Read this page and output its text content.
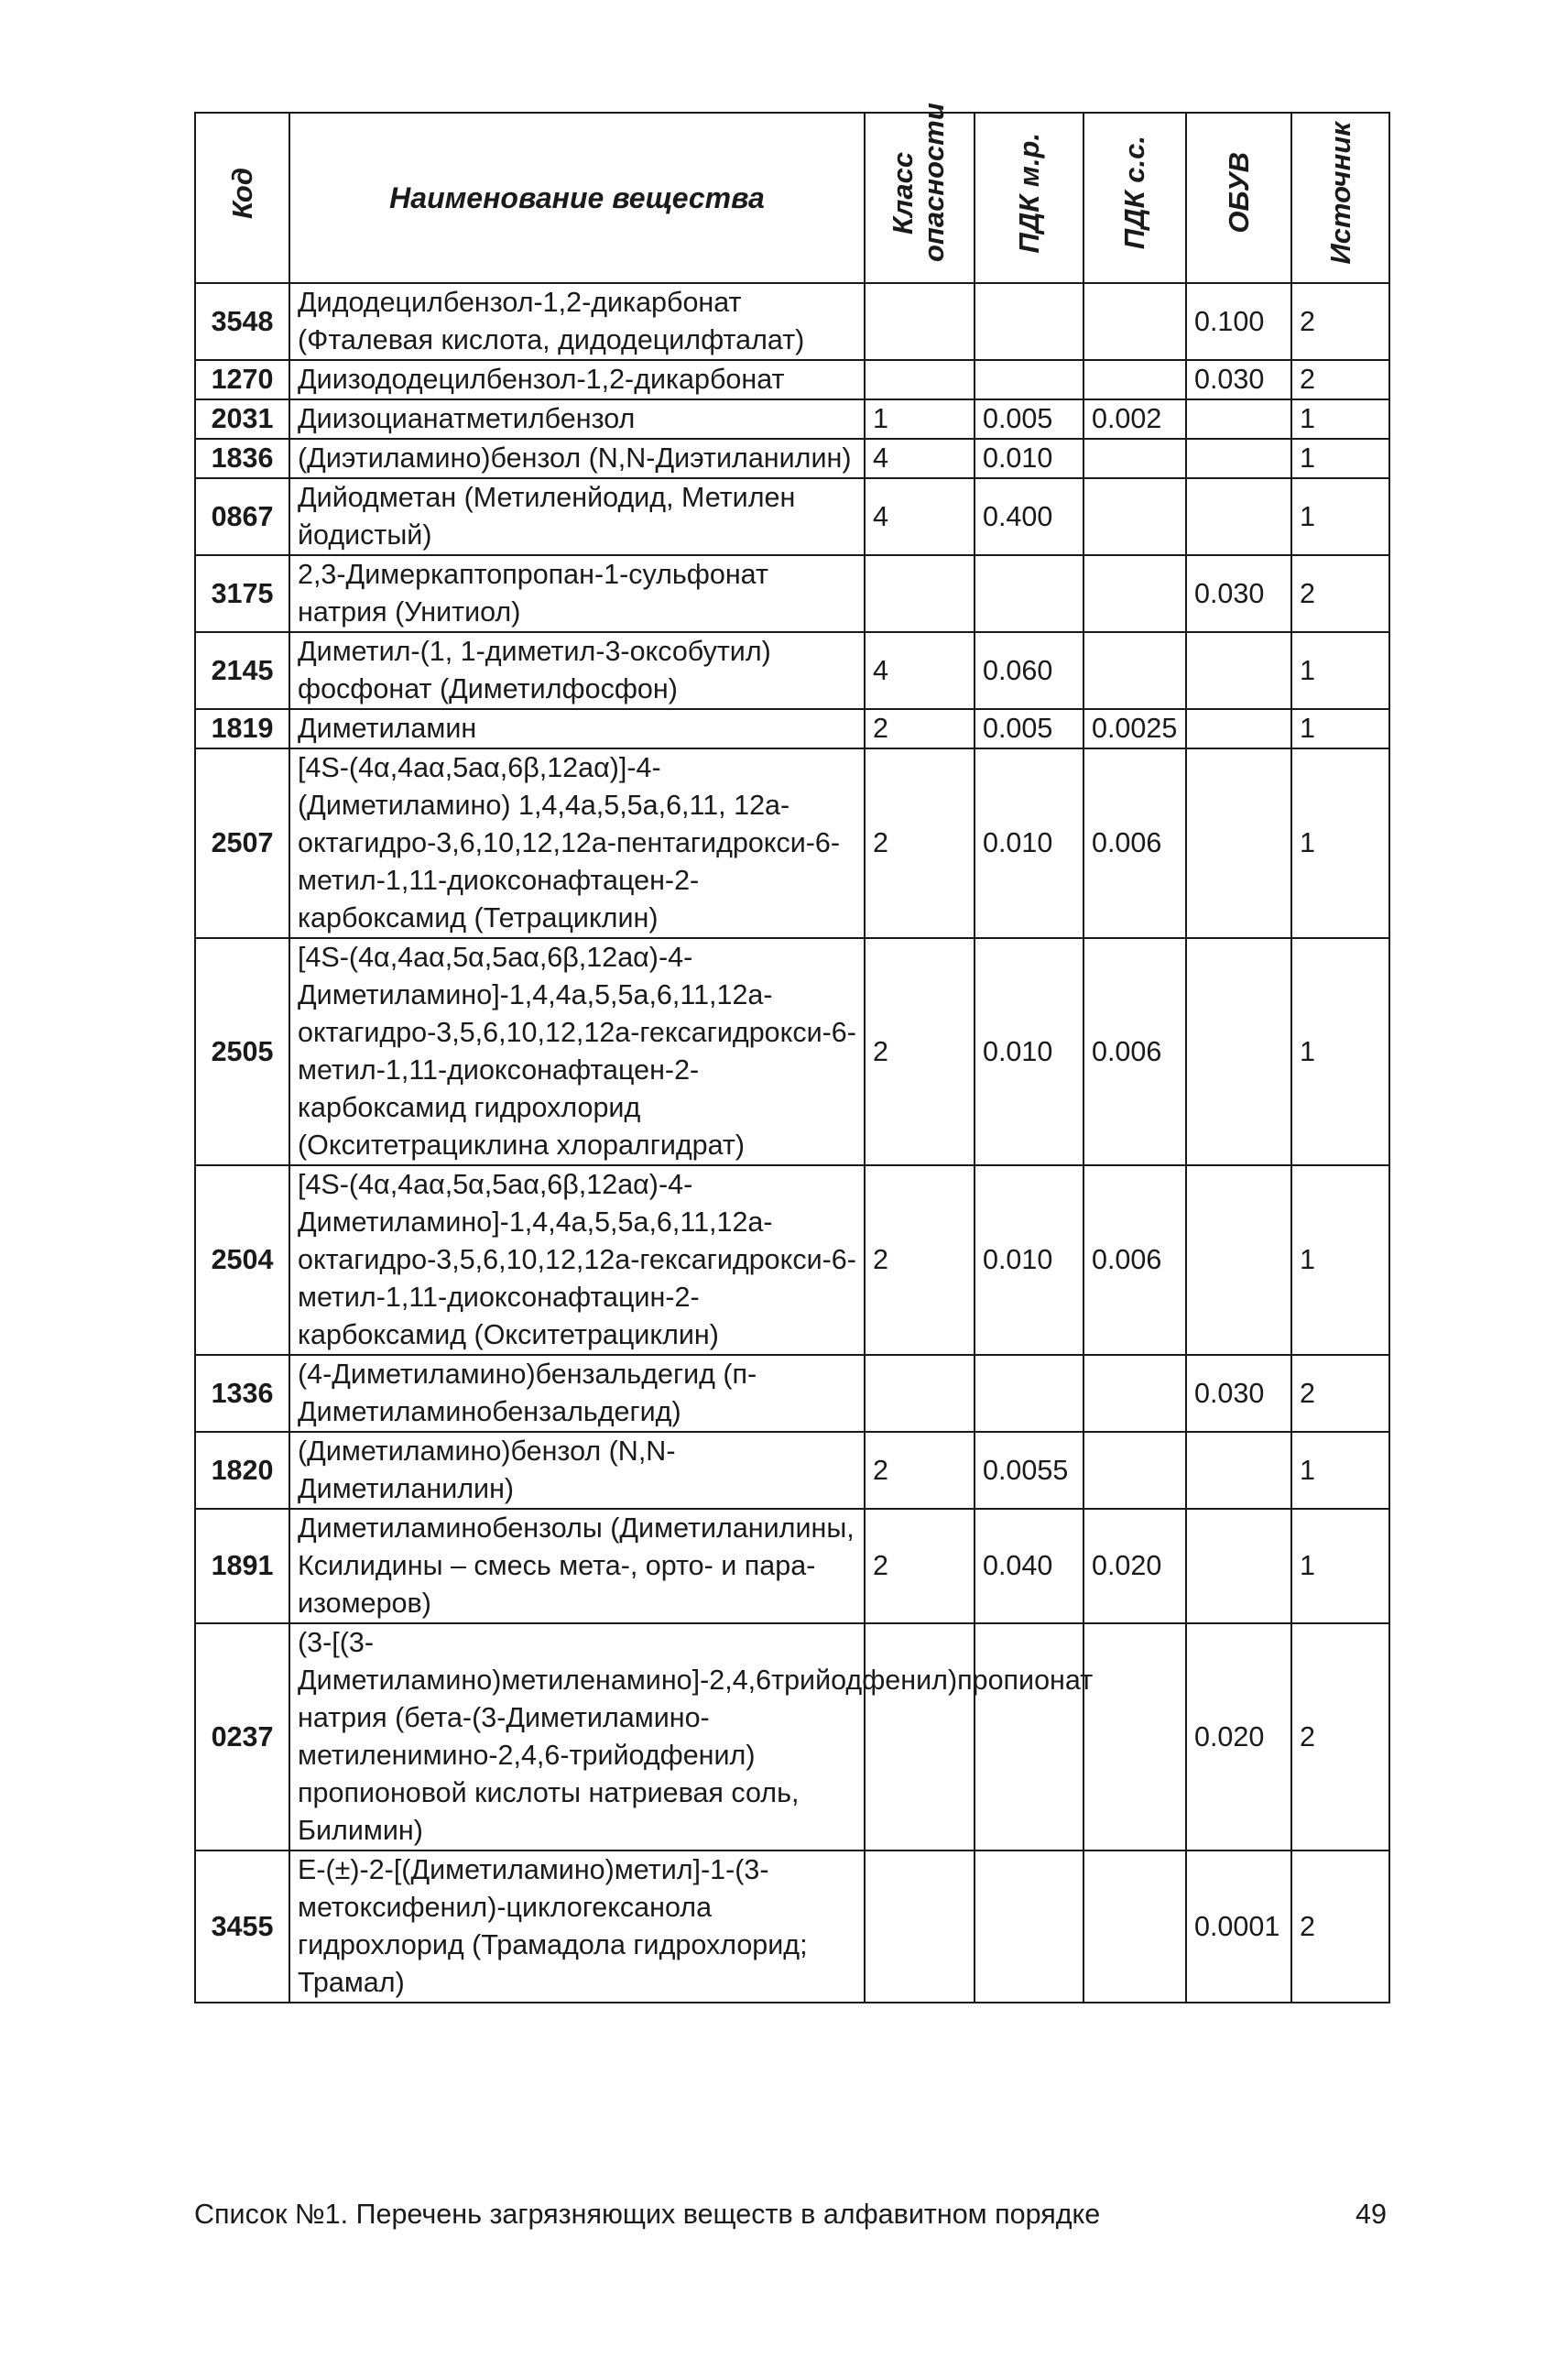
Код	Наименование вещества	Класс опасности	ПДК м.р.	ПДК с.с.	ОБУВ	Источник
3548	Дидодецилбензол-1,2-дикарбонат (Фталевая кислота, дидодецилфталат)				0.100	2
1270	Диизододецилбензол-1,2-дикарбонат				0.030	2
2031	Диизоцианатметилбензол	1	0.005	0.002		1
1836	(Диэтиламино)бензол (N,N-Диэтиланилин)	4	0.010			1
0867	Дийодметан (Метиленйодид, Метилен йодистый)	4	0.400			1
3175	2,3-Димеркаптопропан-1-сульфонат натрия (Унитиол)				0.030	2
2145	Диметил-(1, 1-диметил-3-оксобутил) фосфонат (Диметилфосфон)	4	0.060			1
1819	Диметиламин	2	0.005	0.0025		1
2507	[4S-(4α,4аα,5аα,6β,12аα)]-4-(Диметиламино) 1,4,4а,5,5а,6,11, 12а-октагидро-3,6,10,12,12а-пентагидрокси-6-метил-1,11-диоксонафтацен-2-карбоксамид (Тетрациклин)	2	0.010	0.006		1
2505	[4S-(4α,4аα,5α,5аα,6β,12аα)-4-Диметиламино]-1,4,4а,5,5а,6,11,12а-октагидро-3,5,6,10,12,12а-гексагидрокси-6-метил-1,11-диоксонафтацен-2-карбоксамид гидрохлорид (Окситетрациклина хлоралгидрат)	2	0.010	0.006		1
2504	[4S-(4α,4аα,5α,5аα,6β,12аα)-4-Диметиламино]-1,4,4а,5,5а,6,11,12а-октагидро-3,5,6,10,12,12а-гексагидрокси-6-метил-1,11-диоксонафтацин-2-карбоксамид (Окситетрациклин)	2	0.010	0.006		1
1336	(4-Диметиламино)бензальдегид (п-Диметиламинобензальдегид)				0.030	2
1820	(Диметиламино)бензол (N,N-Диметиланилин)	2	0.0055			1
1891	Диметиламинобензолы (Диметиланилины, Ксилидины – смесь мета-, орто- и пара-изомеров)	2	0.040	0.020		1
0237	(3-[(3-Диметиламино)метиленамино]-2,4,6трийодфенил)пропионат натрия (бета-(3-Диметиламино-метиленимино-2,4,6-трийодфенил) пропионовой кислоты натриевая соль, Билимин)				0.020	2
3455	Е-(±)-2-[(Диметиламино)метил]-1-(3-метоксифенил)-циклогексанола гидрохлорид (Трамадола гидрохлорид; Трамал)				0.0001	2
Список №1. Перечень загрязняющих веществ в алфавитном порядке	49
